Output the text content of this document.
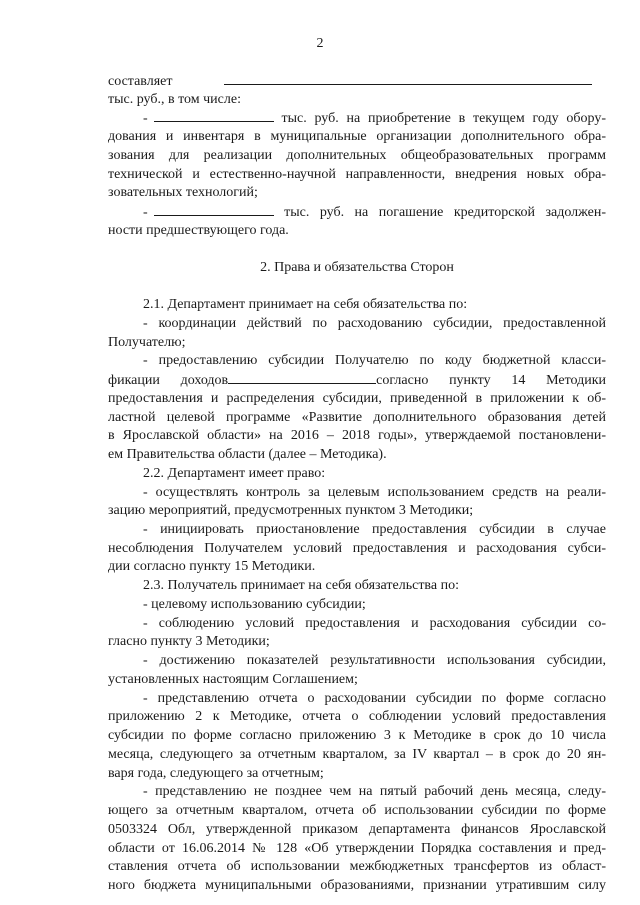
2
составляет
тыс. руб., в том числе:
-	тыс. руб. на приобретение в текущем году обору-
дования и инвентаря в муниципальные организации дополнительного обра-
зования для реализации дополнительных общеобразовательных программ
технической и естественно-научной направленности, внедрения новых обра-
зовательных технологий;
-	тыс. руб. на погашение кредиторской задолжен-
ности предшествующего года.
2. Права и обязательства Сторон
2.1. Департамент принимает на себя обязательства по:
- координации действий по расходованию субсидии, предоставленной
Получателю;
- предоставлению субсидии Получателю по коду бюджетной класси-
фикации доходов	согласно пункту 14 Методики
предоставления и распределения субсидии, приведенной в приложении к об-
ластной целевой программе «Развитие дополнительного образования детей
в Ярославской области» на 2016 – 2018 годы», утверждаемой постановлени-
ем Правительства области (далее – Методика).
2.2. Департамент имеет право:
- осуществлять контроль за целевым использованием средств на реали-
зацию мероприятий, предусмотренных пунктом 3 Методики;
- инициировать приостановление предоставления субсидии в случае
несоблюдения Получателем условий предоставления и расходования субси-
дии согласно пункту 15 Методики.
2.3. Получатель принимает на себя обязательства по:
- целевому использованию субсидии;
- соблюдению условий предоставления и расходования субсидии со-
гласно пункту 3 Методики;
- достижению показателей результативности использования субсидии,
установленных настоящим Соглашением;
- представлению отчета о расходовании субсидии по форме согласно
приложению 2 к Методике, отчета о соблюдении условий предоставления
субсидии по форме согласно приложению 3 к Методике в срок до 10 числа
месяца, следующего за отчетным кварталом, за IV квартал – в срок до 20 ян-
варя года, следующего за отчетным;
- представлению не позднее чем на пятый рабочий день месяца, следу-
ющего за отчетным кварталом, отчета об использовании субсидии по форме
0503324 Обл, утвержденной приказом департамента финансов Ярославской
области от 16.06.2014 № 128 «Об утверждении Порядка составления и пред-
ставления отчета об использовании межбюджетных трансфертов из област-
ного бюджета муниципальными образованиями, признании утратившим силу
